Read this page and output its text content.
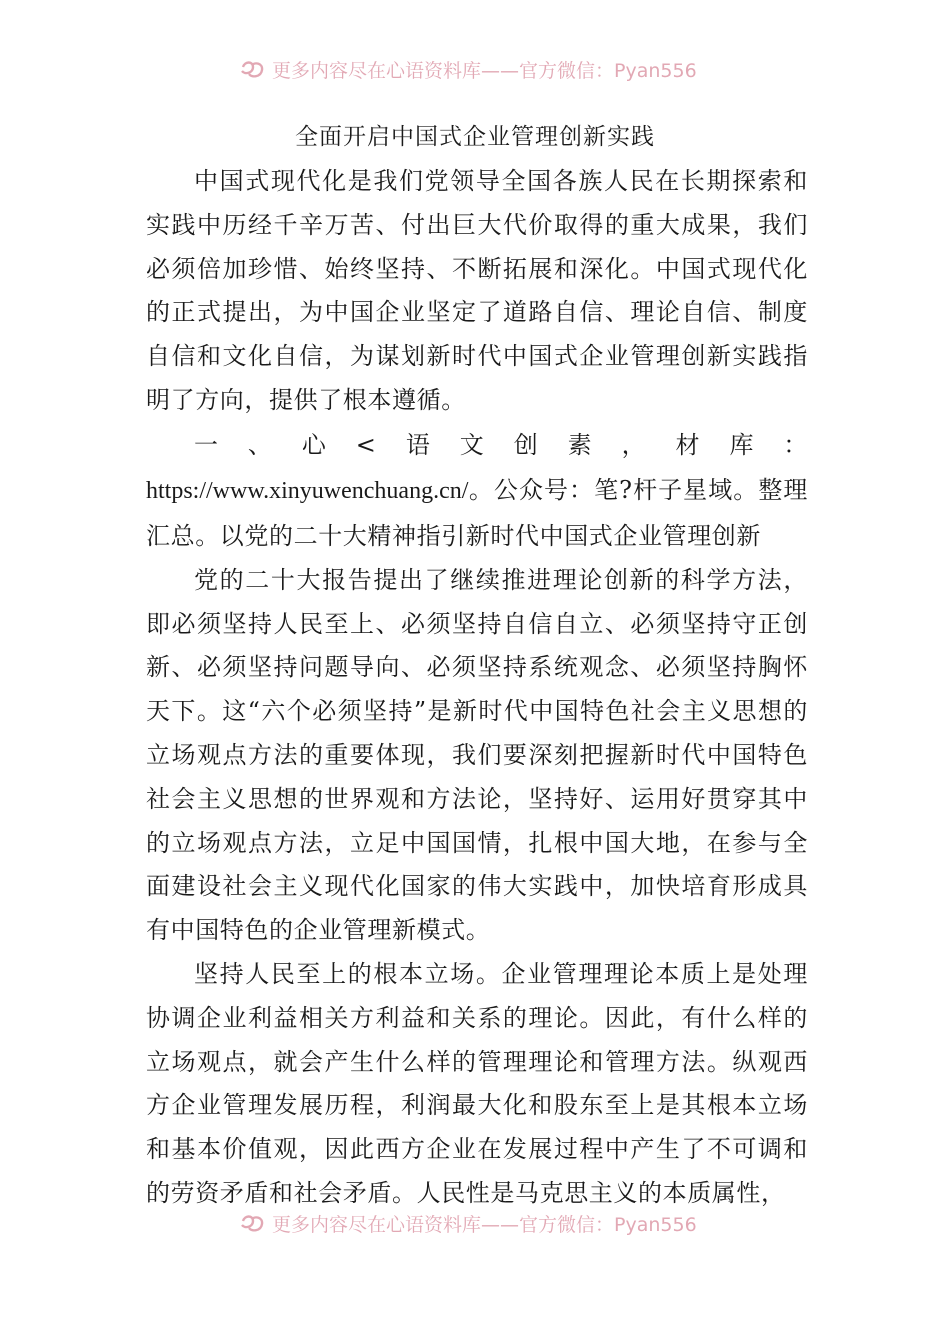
更多内容尽在心语资料库——官方微信：Pyan556
全面开启中国式企业管理创新实践

中国式现代化是我们党领导全国各族人民在长期探索和实践中历经千辛万苦、付出巨大代价取得的重大成果，我们必须倍加珍惜、始终坚持、不断拓展和深化。中国式现代化的正式提出，为中国企业坚定了道路自信、理论自信、制度自信和文化自信，为谋划新时代中国式企业管理创新实践指明了方向，提供了根本遵循。

一、心<语文创素，材库：https://www.xinyuwenchuang.cn/。公众号：笔?杆子星域。整理汇总。以党的二十大精神指引新时代中国式企业管理创新

党的二十大报告提出了继续推进理论创新的科学方法，即必须坚持人民至上、必须坚持自信自立、必须坚持守正创新、必须坚持问题导向、必须坚持系统观念、必须坚持胸怀天下。这“六个必须坚持”是新时代中国特色社会主义思想的立场观点方法的重要体现，我们要深刻把握新时代中国特色社会主义思想的世界观和方法论，坚持好、运用好贯穿其中的立场观点方法，立足中国国情，扎根中国大地，在参与全面建设社会主义现代化国家的伟大实践中，加快培育形成具有中国特色的企业管理新模式。

坚持人民至上的根本立场。企业管理理论本质上是处理协调企业利益相关方利益和关系的理论。因此，有什么样的立场观点，就会产生什么样的管理理论和管理方法。纵观西方企业管理发展历程，利润最大化和股东至上是其根本立场和基本价值观，因此西方企业在发展过程中产生了不可调和的劳资矛盾和社会矛盾。人民性是马克思主义的本质属性，

更多内容尽在心语资料库——官方微信：Pyan556
